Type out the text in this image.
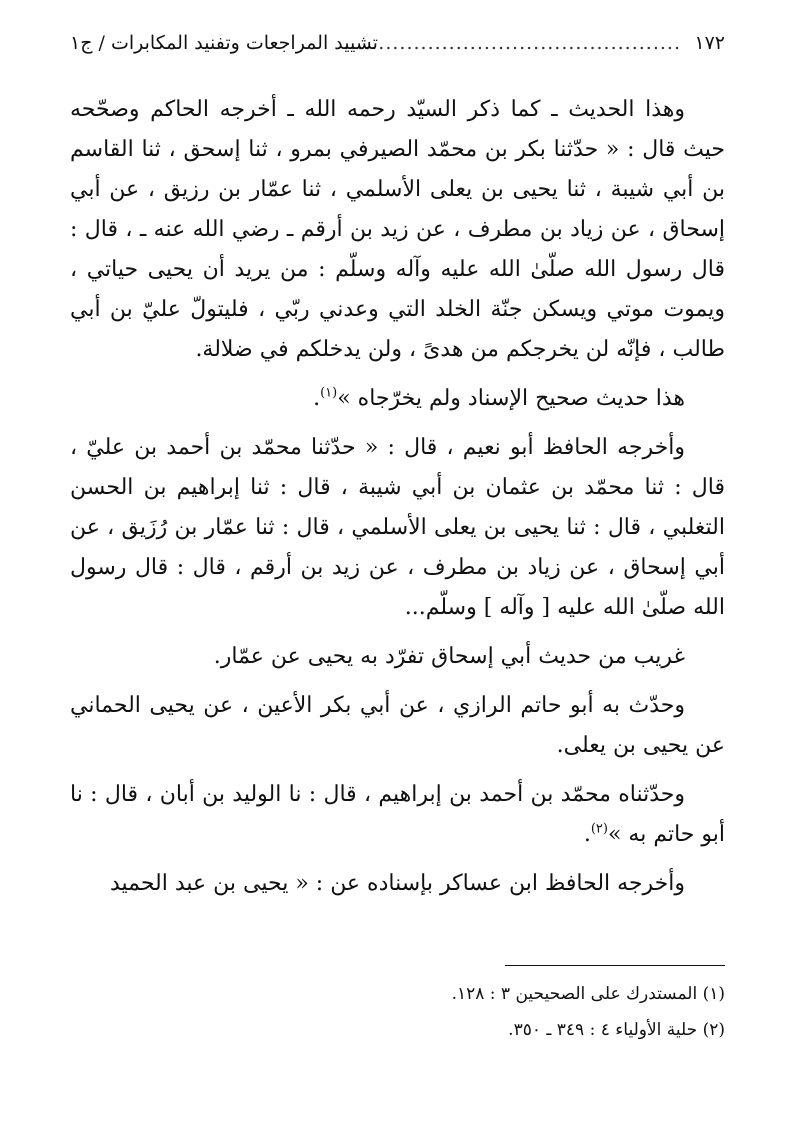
١٧٢
................................................
تشييد المراجعات وتفنيد المكابرات / ج١

وهذا الحديث ـ كما ذكر السيّد رحمه الله ـ أخرجه الحاكم وصحّحه حيث قال : « حدّثنا بكر بن محمّد الصيرفي بمرو ، ثنا إسحق ، ثنا القاسم بن أبي شيبة ، ثنا يحيى بن يعلى الأسلمي ، ثنا عمّار بن رزيق ، عن أبي إسحاق ، عن زياد بن مطرف ، عن زيد بن أرقم ـ رضي الله عنه ـ ، قال : قال رسول الله صلّىٰ الله عليه وآله وسلّم : من يريد أن يحيى حياتي ، ويموت موتي ويسكن جنّة الخلد التي وعدني ربّي ، فليتولّ عليّ بن أبي طالب ، فإنّه لن يخرجكم من هدىً ، ولن يدخلكم في ضلالة.

هذا حديث صحيح الإسناد ولم يخرّجاه »$^{(١)}$.

وأخرجه الحافظ أبو نعيم ، قال : « حدّثنا محمّد بن أحمد بن عليّ ، قال : ثنا محمّد بن عثمان بن أبي شيبة ، قال : ثنا إبراهيم بن الحسن التغلبي ، قال : ثنا يحيى بن يعلى الأسلمي ، قال : ثنا عمّار بن رُزَيق ، عن أبي إسحاق ، عن زياد بن مطرف ، عن زيد بن أرقم ، قال : قال رسول الله صلّىٰ الله عليه [ وآله ] وسلّم...

غريب من حديث أبي إسحاق تفرّد به يحيى عن عمّار.

وحدّث به أبو حاتم الرازي ، عن أبي بكر الأعين ، عن يحيى الحماني عن يحيى بن يعلى.

وحدّثناه محمّد بن أحمد بن إبراهيم ، قال : نا الوليد بن أبان ، قال : نا أبو حاتم به »$^{(٢)}$.

وأخرجه الحافظ ابن عساكر بإسناده عن : « يحيى بن عبد الحميد

(١) المستدرك على الصحيحين ٣ : ١٢٨.
(٢) حلية الأولياء ٤ : ٣٤٩ ـ ٣٥٠.
